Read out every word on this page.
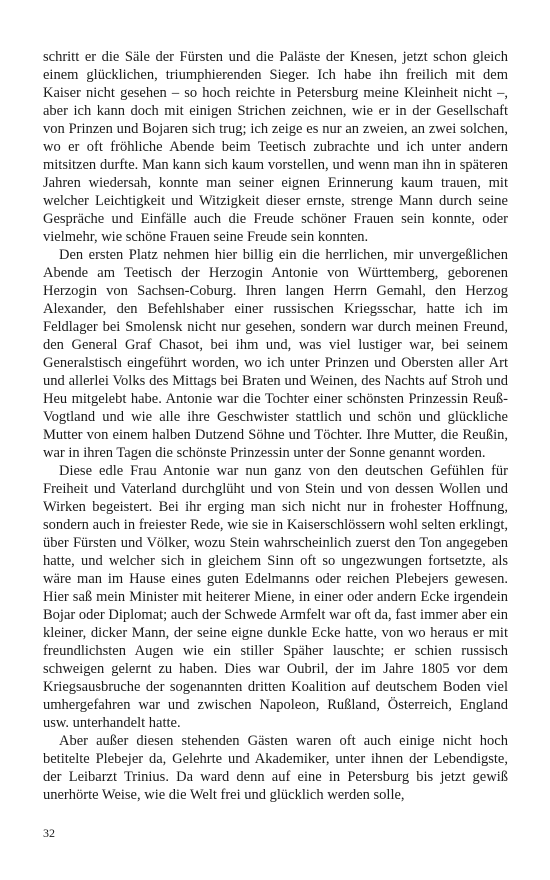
schritt er die Säle der Fürsten und die Paläste der Knesen, jetzt schon gleich einem glücklichen, triumphierenden Sieger. Ich habe ihn freilich mit dem Kaiser nicht gesehen – so hoch reichte in Petersburg meine Kleinheit nicht –, aber ich kann doch mit einigen Strichen zeichnen, wie er in der Gesellschaft von Prinzen und Bojaren sich trug; ich zeige es nur an zweien, an zwei solchen, wo er oft fröhliche Abende beim Teetisch zubrachte und ich unter andern mitsitzen durfte. Man kann sich kaum vorstellen, und wenn man ihn in späteren Jahren wiedersah, konnte man seiner eignen Erinnerung kaum trauen, mit welcher Leichtigkeit und Witzigkeit dieser ernste, strenge Mann durch seine Gespräche und Einfälle auch die Freude schöner Frauen sein konnte, oder vielmehr, wie schöne Frauen seine Freude sein konnten.

Den ersten Platz nehmen hier billig ein die herrlichen, mir unvergeßlichen Abende am Teetisch der Herzogin Antonie von Württemberg, geborenen Herzogin von Sachsen-Coburg. Ihren langen Herrn Gemahl, den Herzog Alexander, den Befehlshaber einer russischen Kriegsschar, hatte ich im Feldlager bei Smolensk nicht nur gesehen, sondern war durch meinen Freund, den General Graf Chasot, bei ihm und, was viel lustiger war, bei seinem Generalstisch eingeführt worden, wo ich unter Prinzen und Obersten aller Art und allerlei Volks des Mittags bei Braten und Weinen, des Nachts auf Stroh und Heu mitgelebt habe. Antonie war die Tochter einer schönsten Prinzessin Reuß-Vogtland und wie alle ihre Geschwister stattlich und schön und glückliche Mutter von einem halben Dutzend Söhne und Töchter. Ihre Mutter, die Reußin, war in ihren Tagen die schönste Prinzessin unter der Sonne genannt worden.

Diese edle Frau Antonie war nun ganz von den deutschen Gefühlen für Freiheit und Vaterland durchglüht und von Stein und von dessen Wollen und Wirken begeistert. Bei ihr erging man sich nicht nur in frohester Hoffnung, sondern auch in freiester Rede, wie sie in Kaiserschlössern wohl selten erklingt, über Fürsten und Völker, wozu Stein wahrscheinlich zuerst den Ton angegeben hatte, und welcher sich in gleichem Sinn oft so ungezwungen fortsetzte, als wäre man im Hause eines guten Edelmanns oder reichen Plebejers gewesen. Hier saß mein Minister mit heiterer Miene, in einer oder andern Ecke irgendein Bojar oder Diplomat; auch der Schwede Armfelt war oft da, fast immer aber ein kleiner, dicker Mann, der seine eigne dunkle Ecke hatte, von wo heraus er mit freundlichsten Augen wie ein stiller Späher lauschte; er schien russisch schweigen gelernt zu haben. Dies war Oubril, der im Jahre 1805 vor dem Kriegsausbruche der sogenannten dritten Koalition auf deutschem Boden viel umhergefahren war und zwischen Napoleon, Rußland, Österreich, England usw. unterhandelt hatte.

Aber außer diesen stehenden Gästen waren oft auch einige nicht hoch betitelte Plebejer da, Gelehrte und Akademiker, unter ihnen der Lebendigste, der Leibarzt Trinius. Da ward denn auf eine in Petersburg bis jetzt gewiß unerhörte Weise, wie die Welt frei und glücklich werden solle,

32
